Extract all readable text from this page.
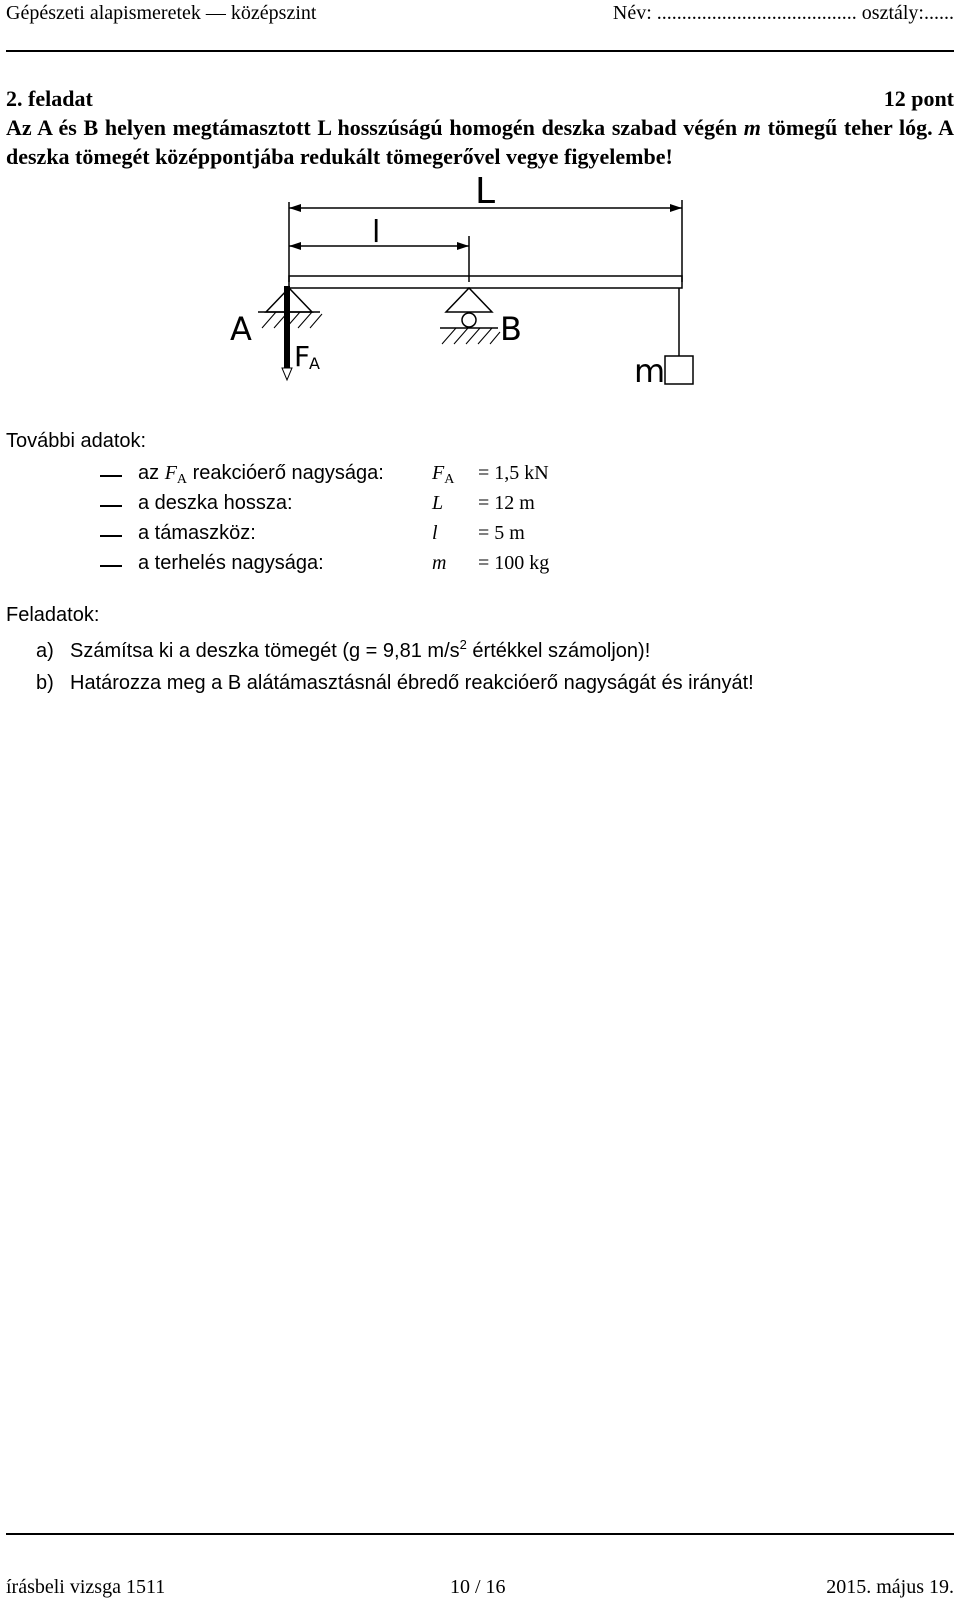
Gépészeti alapismeretek — középszint	Név: ........................................ osztály:......
2. feladat	12 pont
Az A és B helyen megtámasztott L hosszúságú homogén deszka szabad végén m tömegű teher lóg. A deszka tömegét középpontjába redukált tömegerővel vegye figyelembe!
L
l
A	B
F
A	m
További adatok:
az $F_A$ reakcióerő nagysága: $F_A = 1,5$ kN
a deszka hossza:	L = 12 m
a támaszköz:	l = 5 m
a terhelés nagysága:	m = 100 kg
Feladatok:
a) Számítsa ki a deszka tömegét (g = 9,81 $m/s^2$ értékkel számoljon)!
b) Határozza meg a B alátámasztásnál ébredő reakcióerő nagyságát és irányát!
írásbeli vizsga 1511	10 / 16	2015. május 19.
